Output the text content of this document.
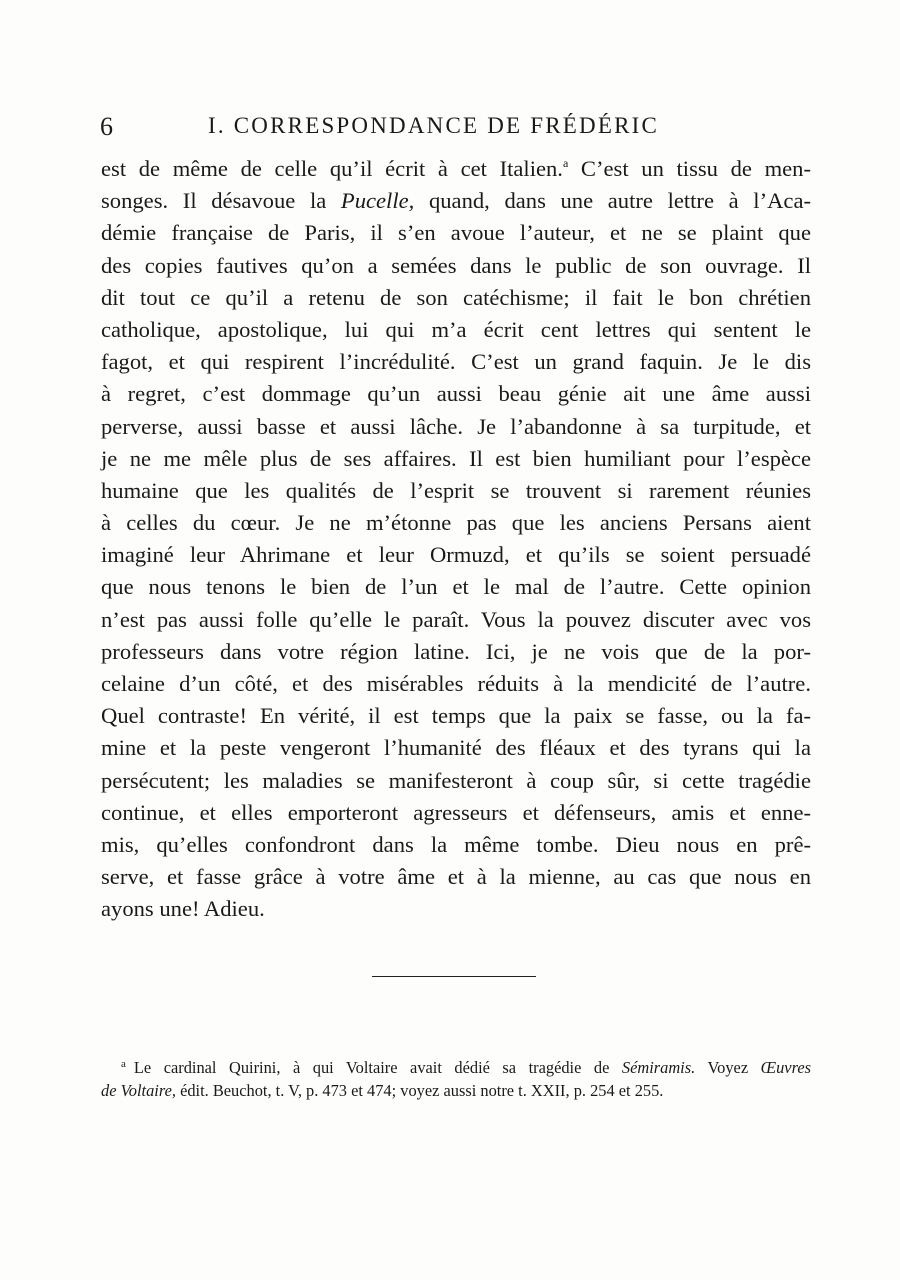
6	I. CORRESPONDANCE DE FRÉDÉRIC
est de même de celle qu’il écrit à cet Italien.$^a$ C’est un tissu de men-
songes. Il désavoue la Pucelle, quand, dans une autre lettre à l’Aca-
démie française de Paris, il s’en avoue l’auteur, et ne se plaint que
des copies fautives qu’on a semées dans le public de son ouvrage. Il
dit tout ce qu’il a retenu de son catéchisme; il fait le bon chrétien
catholique, apostolique, lui qui m’a écrit cent lettres qui sentent le
fagot, et qui respirent l’incrédulité. C’est un grand faquin. Je le dis
à regret, c’est dommage qu’un aussi beau génie ait une âme aussi
perverse, aussi basse et aussi lâche. Je l’abandonne à sa turpitude, et
je ne me mêle plus de ses affaires. Il est bien humiliant pour l’espèce
humaine que les qualités de l’esprit se trouvent si rarement réunies
à celles du cœur. Je ne m’étonne pas que les anciens Persans aient
imaginé leur Ahrimane et leur Ormuzd, et qu’ils se soient persuadé
que nous tenons le bien de l’un et le mal de l’autre. Cette opinion
n’est pas aussi folle qu’elle le paraît. Vous la pouvez discuter avec vos
professeurs dans votre région latine. Ici, je ne vois que de la por-
celaine d’un côté, et des misérables réduits à la mendicité de l’autre.
Quel contraste! En vérité, il est temps que la paix se fasse, ou la fa-
mine et la peste vengeront l’humanité des fléaux et des tyrans qui la
persécutent; les maladies se manifesteront à coup sûr, si cette tragédie
continue, et elles emporteront agresseurs et défenseurs, amis et enne-
mis, qu’elles confondront dans la même tombe. Dieu nous en prê-
serve, et fasse grâce à votre âme et à la mienne, au cas que nous en
ayons une! Adieu.
$^a$ Le cardinal Quirini, à qui Voltaire avait dédié sa tragédie de Sémiramis. Voyez Œuvres
de Voltaire, édit. Beuchot, t. V, p. 473 et 474; voyez aussi notre t. XXII, p. 254 et 255.
